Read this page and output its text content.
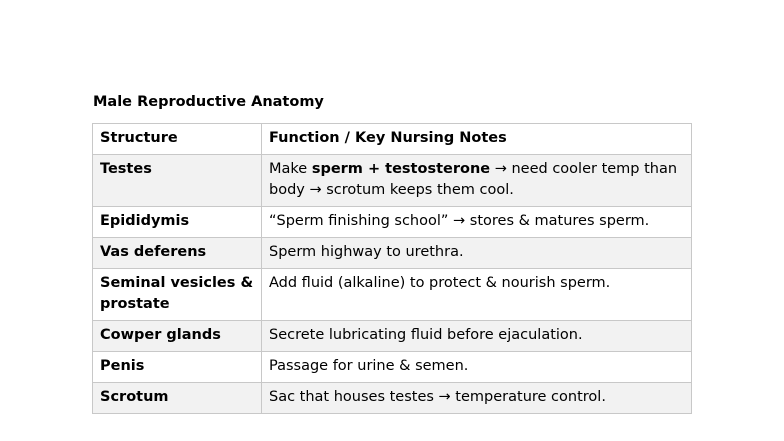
Male Reproductive Anatomy
Structure	Function / Key Nursing Notes
Testes	Make sperm + testosterone → need cooler temp than body → scrotum keeps them cool.
Epididymis	“Sperm finishing school” → stores & matures sperm.
Vas deferens	Sperm highway to urethra.
Seminal vesicles & prostate	Add fluid (alkaline) to protect & nourish sperm.
Cowper glands	Secrete lubricating fluid before ejaculation.
Penis	Passage for urine & semen.
Scrotum	Sac that houses testes → temperature control.
